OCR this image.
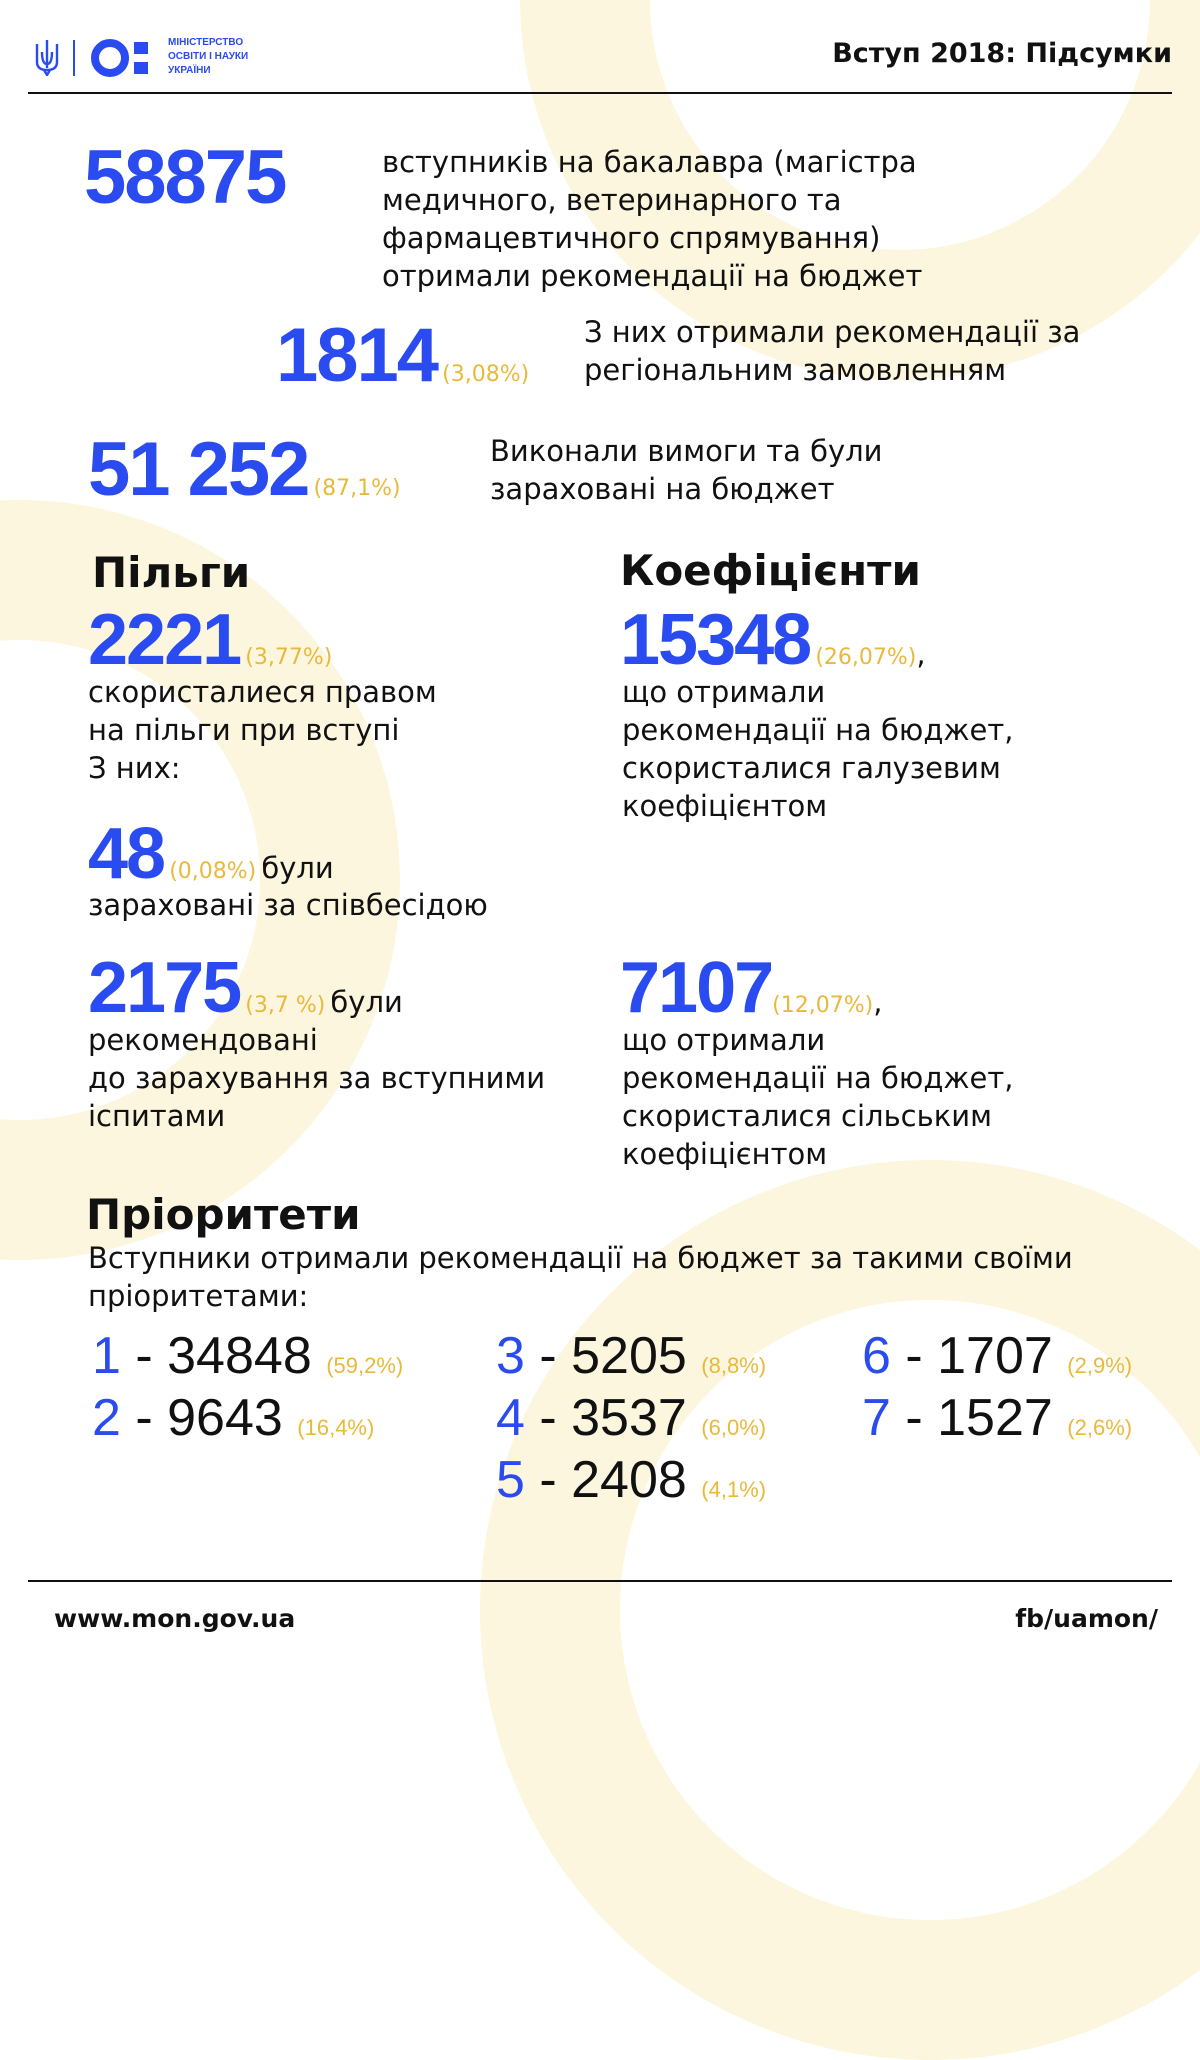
МІНІСТЕРСТВО
ОСВІТИ І НАУКИ
УКРАЇНИ
Вступ 2018: Підсумки
58875	вступників на бакалавра (магістра
медичного, ветеринарного та
фармацевтичного спрямування)
отримали рекомендації на бюджет
1814 (3,08%)
З них отримали рекомендації за
регіональним замовленням
51 252 (87,1%)
Виконали вимоги та були
зараховані на бюджет
Пільги
2221 (3,77%)
скористалиеся правом
на пільги при вступі
З них:
48 (0,08%) були
зараховані за співбесідою
2175 (3,7 %) були
рекомендовані
до зарахування за вступними
іспитами
Коефіцієнти
15348 (26,07%),
що отримали
рекомендації на бюджет,
скористалися галузевим
коефіцієнтом
7107(12,07%),
що отримали
рекомендації на бюджет,
скористалися сільським
коефіцієнтом
Пріоритети
Вступники отримали рекомендації на бюджет за такими своїми
пріоритетами:
1 - 34848 (59,2%)
2 - 9643 (16,4%)
3 - 5205 (8,8%)
4 - 3537 (6,0%)
5 - 2408 (4,1%)
6 - 1707 (2,9%)
7 - 1527 (2,6%)
www.mon.gov.ua	fb/uamon/
